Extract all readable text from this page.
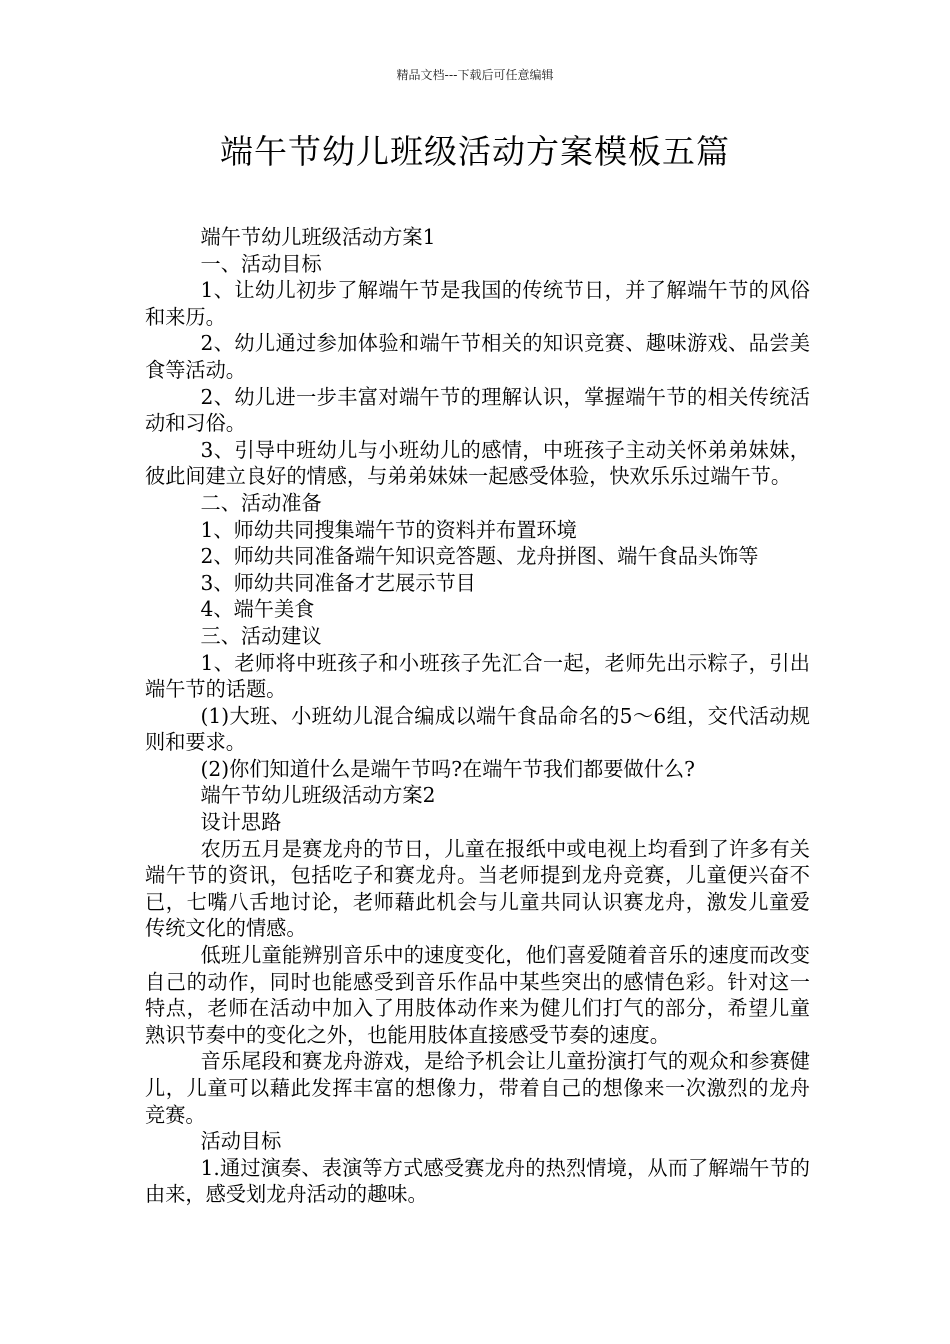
精品文档---下载后可任意编辑
端午节幼儿班级活动方案模板五篇

端午节幼儿班级活动方案1

一、活动目标

1、让幼儿初步了解端午节是我国的传统节日，并了解端午节的风俗和来历。

2、幼儿通过参加体验和端午节相关的知识竞赛、趣味游戏、品尝美食等活动。

2、幼儿进一步丰富对端午节的理解认识，掌握端午节的相关传统活动和习俗。

3、引导中班幼儿与小班幼儿的感情，中班孩子主动关怀弟弟妹妹，彼此间建立良好的情感，与弟弟妹妹一起感受体验，快欢乐乐过端午节。

二、活动准备

1、师幼共同搜集端午节的资料并布置环境

2、师幼共同准备端午知识竞答题、龙舟拼图、端午食品头饰等

3、师幼共同准备才艺展示节目

4、端午美食

三、活动建议

1、老师将中班孩子和小班孩子先汇合一起，老师先出示粽子，引出端午节的话题。

(1)大班、小班幼儿混合编成以端午食品命名的5～6组，交代活动规则和要求。

(2)你们知道什么是端午节吗?在端午节我们都要做什么?

端午节幼儿班级活动方案2

设计思路

农历五月是赛龙舟的节日，儿童在报纸中或电视上均看到了许多有关端午节的资讯，包括吃子和赛龙舟。当老师提到龙舟竞赛，儿童便兴奋不已，七嘴八舌地讨论，老师藉此机会与儿童共同认识赛龙舟，激发儿童爱传统文化的情感。

低班儿童能辨别音乐中的速度变化，他们喜爱随着音乐的速度而改变自己的动作，同时也能感受到音乐作品中某些突出的感情色彩。针对这一特点，老师在活动中加入了用肢体动作来为健儿们打气的部分，希望儿童熟识节奏中的变化之外，也能用肢体直接感受节奏的速度。

音乐尾段和赛龙舟游戏，是给予机会让儿童扮演打气的观众和参赛健儿，儿童可以藉此发挥丰富的想像力，带着自己的想像来一次激烈的龙舟竞赛。

活动目标

1.通过演奏、表演等方式感受赛龙舟的热烈情境，从而了解端午节的由来，感受划龙舟活动的趣味。
